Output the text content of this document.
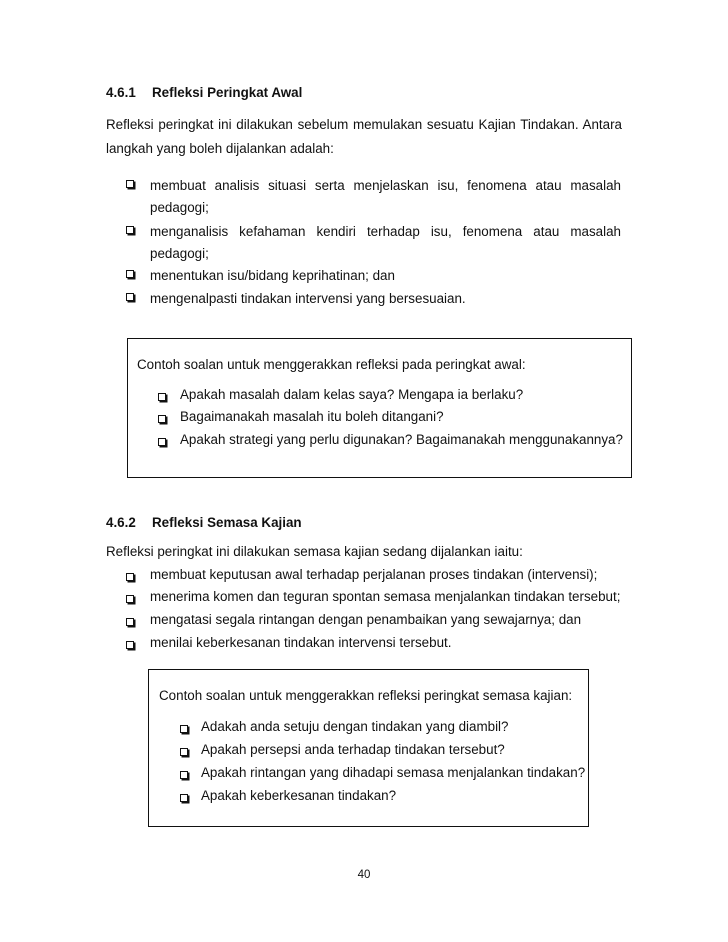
4.6.1 Refleksi Peringkat Awal
Refleksi peringkat ini dilakukan sebelum memulakan sesuatu Kajian Tindakan. Antara
langkah yang boleh dijalankan adalah:
membuat analisis situasi serta menjelaskan isu, fenomena atau masalah
pedagogi;
menganalisis kefahaman kendiri terhadap isu, fenomena atau masalah
pedagogi;
menentukan isu/bidang keprihatinan; dan
mengenalpasti tindakan intervensi yang bersesuaian.
Contoh soalan untuk menggerakkan refleksi pada peringkat awal:
Apakah masalah dalam kelas saya? Mengapa ia berlaku?
Bagaimanakah masalah itu boleh ditangani?
Apakah strategi yang perlu digunakan? Bagaimanakah menggunakannya?
4.6.2 Refleksi Semasa Kajian
Refleksi peringkat ini dilakukan semasa kajian sedang dijalankan iaitu:
membuat keputusan awal terhadap perjalanan proses tindakan (intervensi);
menerima komen dan teguran spontan semasa menjalankan tindakan tersebut;
mengatasi segala rintangan dengan penambaikan yang sewajarnya; dan
menilai keberkesanan tindakan intervensi tersebut.
Contoh soalan untuk menggerakkan refleksi peringkat semasa kajian:
Adakah anda setuju dengan tindakan yang diambil?
Apakah persepsi anda terhadap tindakan tersebut?
Apakah rintangan yang dihadapi semasa menjalankan tindakan?
Apakah keberkesanan tindakan?
40
